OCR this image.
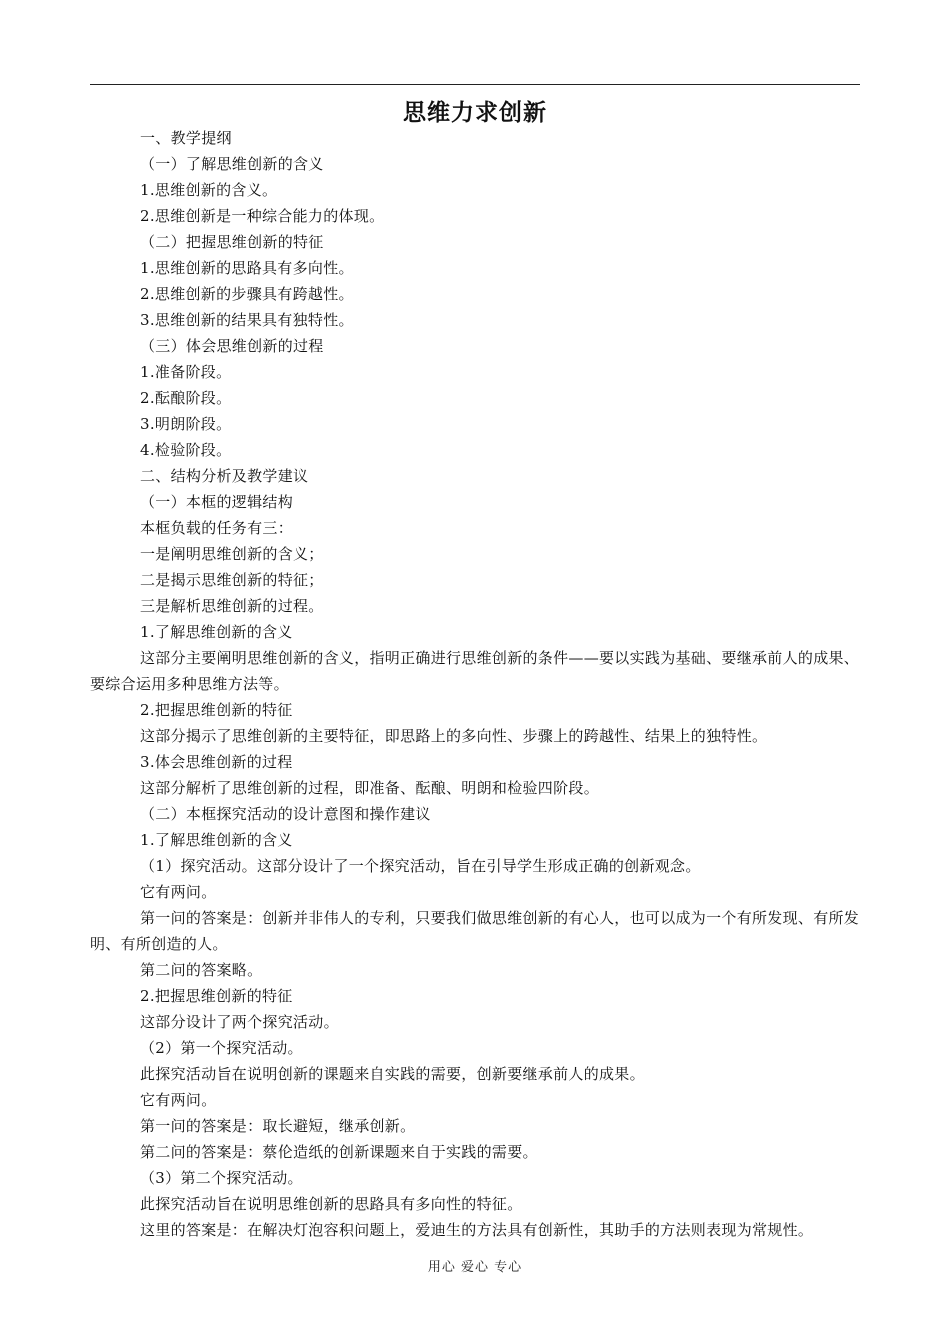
思维力求创新

一、教学提纲

（一）了解思维创新的含义

1.思维创新的含义。

2.思维创新是一种综合能力的体现。

（二）把握思维创新的特征

1.思维创新的思路具有多向性。

2.思维创新的步骤具有跨越性。

3.思维创新的结果具有独特性。

（三）体会思维创新的过程

1.准备阶段。

2.酝酿阶段。

3.明朗阶段。

4.检验阶段。

二、结构分析及教学建议

（一）本框的逻辑结构

本框负载的任务有三：

一是阐明思维创新的含义；

二是揭示思维创新的特征；

三是解析思维创新的过程。

1.了解思维创新的含义

这部分主要阐明思维创新的含义，指明正确进行思维创新的条件——要以实践为基础、要继承前人的成果、要综合运用多种思维方法等。

2.把握思维创新的特征

这部分揭示了思维创新的主要特征，即思路上的多向性、步骤上的跨越性、结果上的独特性。

3.体会思维创新的过程

这部分解析了思维创新的过程，即准备、酝酿、明朗和检验四阶段。

（二）本框探究活动的设计意图和操作建议

1.了解思维创新的含义

（1）探究活动。这部分设计了一个探究活动，旨在引导学生形成正确的创新观念。

它有两问。

第一问的答案是：创新并非伟人的专利，只要我们做思维创新的有心人，也可以成为一个有所发现、有所发明、有所创造的人。

第二问的答案略。

2.把握思维创新的特征

这部分设计了两个探究活动。

（2）第一个探究活动。

此探究活动旨在说明创新的课题来自实践的需要，创新要继承前人的成果。

它有两问。

第一问的答案是：取长避短，继承创新。

第二问的答案是：蔡伦造纸的创新课题来自于实践的需要。

（3）第二个探究活动。

此探究活动旨在说明思维创新的思路具有多向性的特征。

这里的答案是：在解决灯泡容积问题上，爱迪生的方法具有创新性，其助手的方法则表现为常规性。

用心 爱心 专心
